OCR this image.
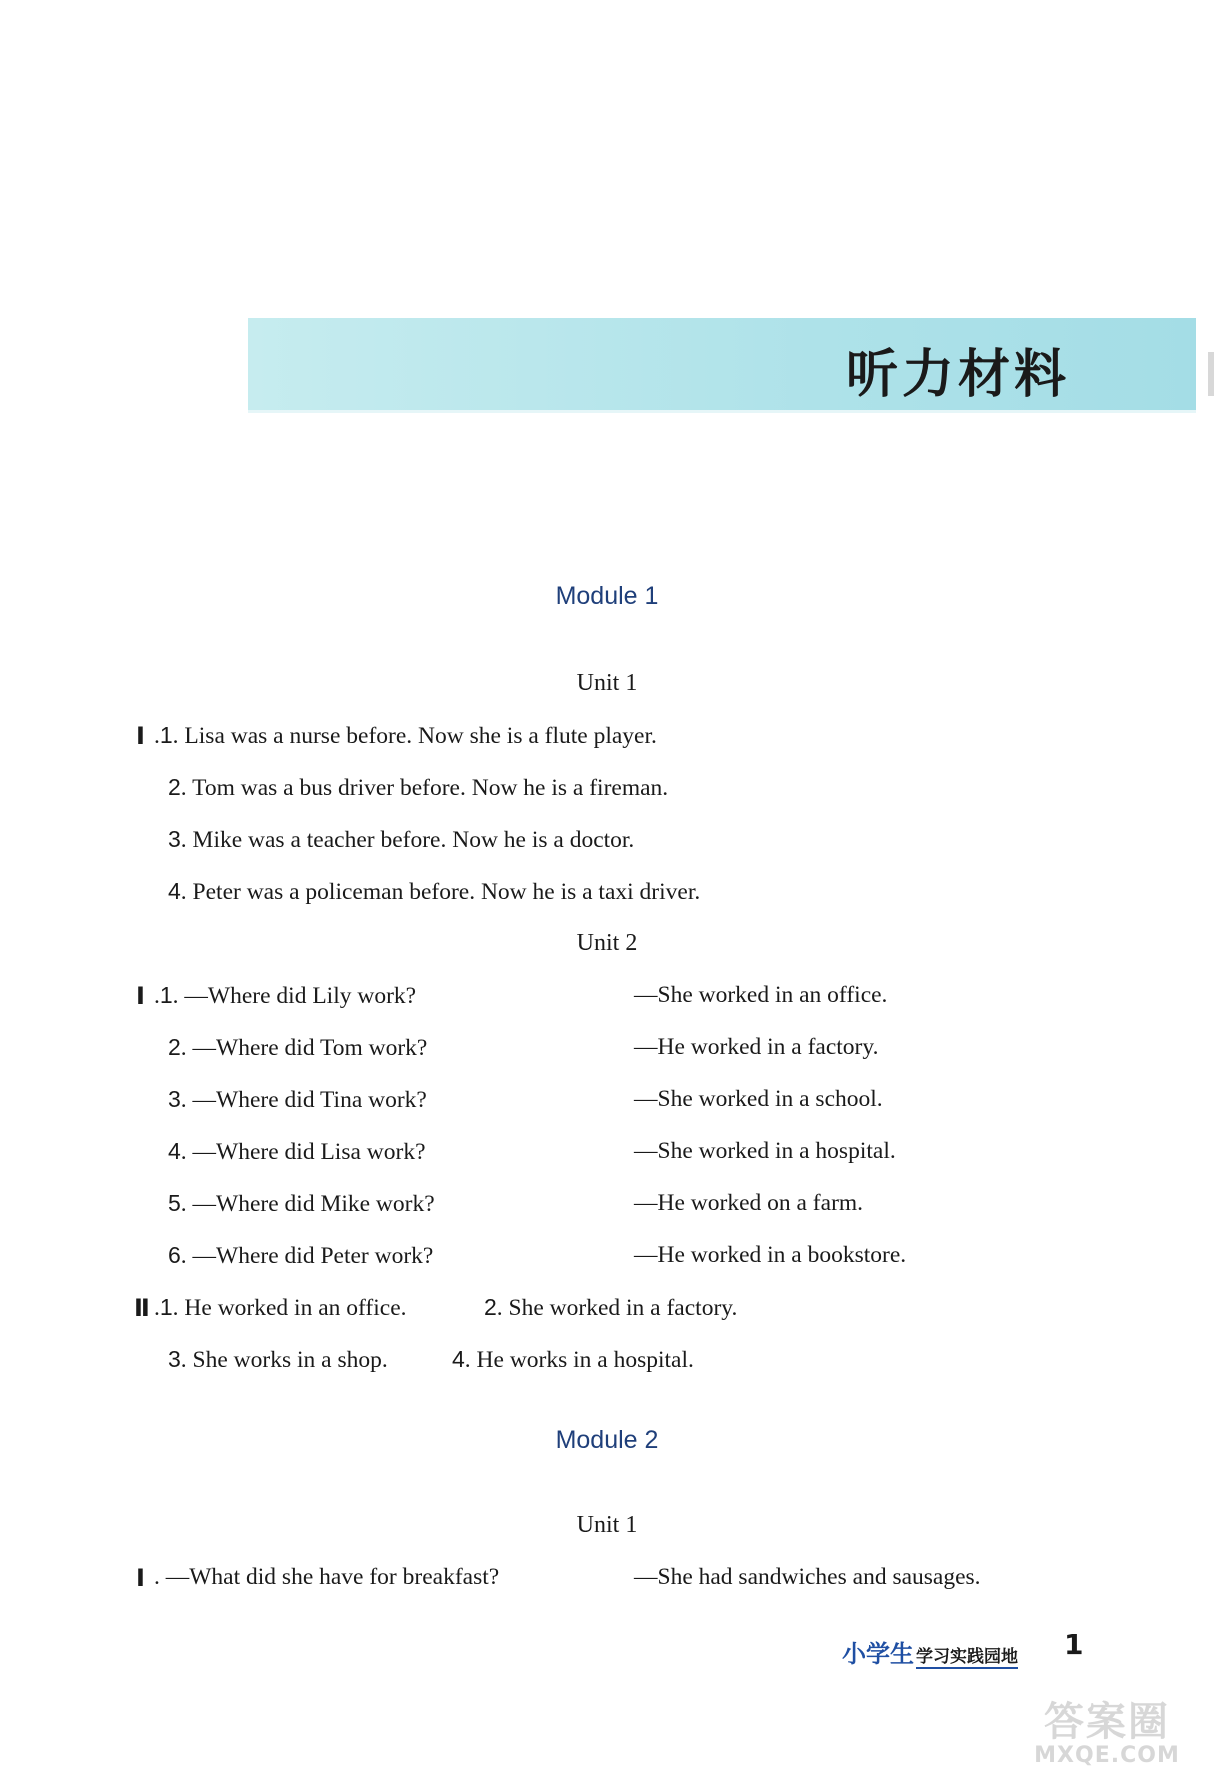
听力材料
Module 1
Unit 1
Ⅰ .1. Lisa was a nurse before. Now she is a flute player.
2. Tom was a bus driver before. Now he is a fireman.
3. Mike was a teacher before. Now he is a doctor.
4. Peter was a policeman before. Now he is a taxi driver.
Unit 2
Ⅰ .1. —Where did Lily work?	—She worked in an office.
2. —Where did Tom work?	—He worked in a factory.
3. —Where did Tina work?	—She worked in a school.
4. —Where did Lisa work?	—She worked in a hospital.
5. —Where did Mike work?	—He worked on a farm.
6. —Where did Peter work?	—He worked in a bookstore.
Ⅱ .1. He worked in an office.	2. She worked in a factory.
3. She works in a shop.	4. He works in a hospital.
Module 2
Unit 1
Ⅰ . —What did she have for breakfast?	—She had sandwiches and sausages.
小学生 学习实践园地 1
答案圈
MXQE.COM
